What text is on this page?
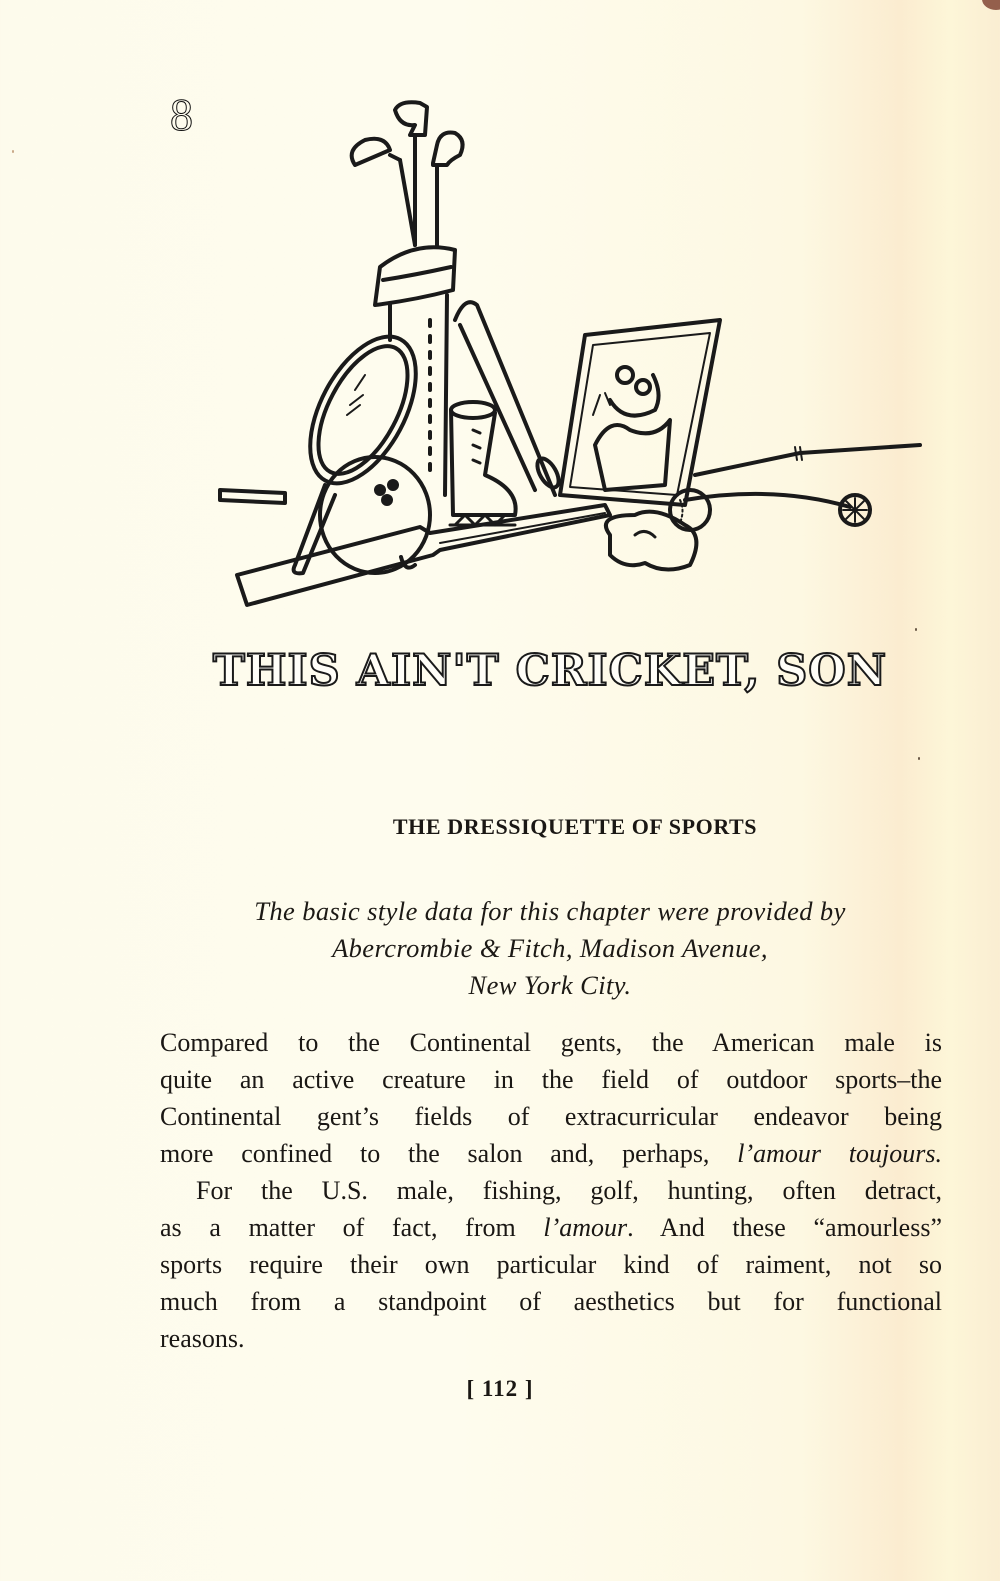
8
THIS AIN'T CRICKET, SON
THE DRESSIQUETTE OF SPORTS
The basic style data for this chapter were provided by
Abercrombie & Fitch, Madison Avenue,
New York City.
Compared to the Continental gents, the American male is
quite an active creature in the field of outdoor sports–the
Continental gent’s fields of extracurricular endeavor being
more confined to the salon and, perhaps, l’amour toujours.
For the U.S. male, fishing, golf, hunting, often detract,
as a matter of fact, from l’amour. And these “amourless”
sports require their own particular kind of raiment, not so
much from a standpoint of aesthetics but for functional
reasons.
[ 112 ]
